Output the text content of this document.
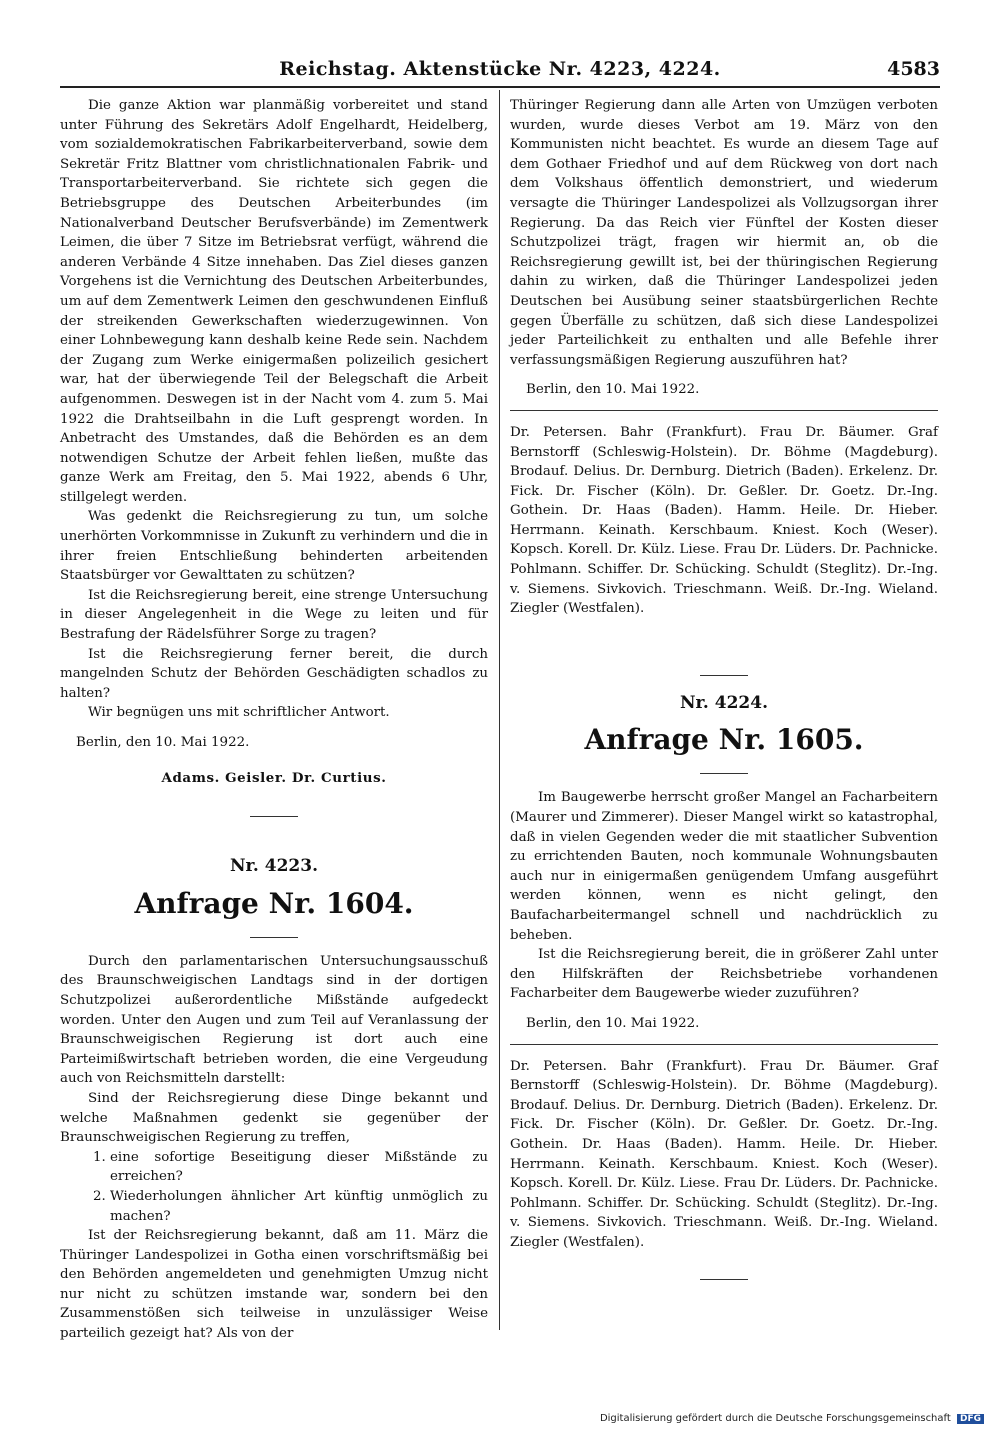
Reichstag. Aktenstücke Nr. 4223, 4224.	4583

Die ganze Aktion war planmäßig vorbereitet und stand unter Führung des Sekretärs Adolf Engelhardt, Heidelberg, vom sozialdemokratischen Fabrikarbeiterverband, sowie dem Sekretär Fritz Blattner vom christlichnationalen Fabrik- und Transportarbeiterverband. Sie richtete sich gegen die Betriebsgruppe des Deutschen Arbeiterbundes (im Nationalverband Deutscher Berufsverbände) im Zementwerk Leimen, die über 7 Sitze im Betriebsrat verfügt, während die anderen Verbände 4 Sitze innehaben. Das Ziel dieses ganzen Vorgehens ist die Vernichtung des Deutschen Arbeiterbundes, um auf dem Zementwerk Leimen den geschwundenen Einfluß der streikenden Gewerkschaften wiederzugewinnen. Von einer Lohnbewegung kann deshalb keine Rede sein. Nachdem der Zugang zum Werke einigermaßen polizeilich gesichert war, hat der überwiegende Teil der Belegschaft die Arbeit aufgenommen. Deswegen ist in der Nacht vom 4. zum 5. Mai 1922 die Drahtseilbahn in die Luft gesprengt worden. In Anbetracht des Umstandes, daß die Behörden es an dem notwendigen Schutze der Arbeit fehlen ließen, mußte das ganze Werk am Freitag, den 5. Mai 1922, abends 6 Uhr, stillgelegt werden.

Was gedenkt die Reichsregierung zu tun, um solche unerhörten Vorkommnisse in Zukunft zu verhindern und die in ihrer freien Entschließung behinderten arbeitenden Staatsbürger vor Gewalttaten zu schützen?

Ist die Reichsregierung bereit, eine strenge Untersuchung in dieser Angelegenheit in die Wege zu leiten und für Bestrafung der Rädelsführer Sorge zu tragen?

Ist die Reichsregierung ferner bereit, die durch mangelnden Schutz der Behörden Geschädigten schadlos zu halten?

Wir begnügen uns mit schriftlicher Antwort.

Berlin, den 10. Mai 1922.

Adams. Geisler. Dr. Curtius.
Nr. 4223.
Anfrage Nr. 1604.

Durch den parlamentarischen Untersuchungsausschuß des Braunschweigischen Landtags sind in der dortigen Schutzpolizei außerordentliche Mißstände aufgedeckt worden. Unter den Augen und zum Teil auf Veranlassung der Braunschweigischen Regierung ist dort auch eine Parteimißwirtschaft betrieben worden, die eine Vergeudung auch von Reichsmitteln darstellt:

Sind der Reichsregierung diese Dinge bekannt und welche Maßnahmen gedenkt sie gegenüber der Braunschweigischen Regierung zu treffen,

1. eine sofortige Beseitigung dieser Mißstände zu erreichen?
2. Wiederholungen ähnlicher Art künftig unmöglich zu machen?

Ist der Reichsregierung bekannt, daß am 11. März die Thüringer Landespolizei in Gotha einen vorschriftsmäßig bei den Behörden angemeldeten und genehmigten Umzug nicht nur nicht zu schützen imstande war, sondern bei den Zusammenstößen sich teilweise in unzulässiger Weise parteilich gezeigt hat? Als von der

Thüringer Regierung dann alle Arten von Umzügen verboten wurden, wurde dieses Verbot am 19. März von den Kommunisten nicht beachtet. Es wurde an diesem Tage auf dem Gothaer Friedhof und auf dem Rückweg von dort nach dem Volkshaus öffentlich demonstriert, und wiederum versagte die Thüringer Landespolizei als Vollzugsorgan ihrer Regierung. Da das Reich vier Fünftel der Kosten dieser Schutzpolizei trägt, fragen wir hiermit an, ob die Reichsregierung gewillt ist, bei der thüringischen Regierung dahin zu wirken, daß die Thüringer Landespolizei jeden Deutschen bei Ausübung seiner staatsbürgerlichen Rechte gegen Überfälle zu schützen, daß sich diese Landespolizei jeder Parteilichkeit zu enthalten und alle Befehle ihrer verfassungsmäßigen Regierung auszuführen hat?

Berlin, den 10. Mai 1922.

Dr. Petersen. Bahr (Frankfurt). Frau Dr. Bäumer. Graf Bernstorff (Schleswig-Holstein). Dr. Böhme (Magdeburg). Brodauf. Delius. Dr. Dernburg. Dietrich (Baden). Erkelenz. Dr. Fick. Dr. Fischer (Köln). Dr. Geßler. Dr. Goetz. Dr.-Ing. Gothein. Dr. Haas (Baden). Hamm. Heile. Dr. Hieber. Herrmann. Keinath. Kerschbaum. Kniest. Koch (Weser). Kopsch. Korell. Dr. Külz. Liese. Frau Dr. Lüders. Dr. Pachnicke. Pohlmann. Schiffer. Dr. Schücking. Schuldt (Steglitz). Dr.-Ing. v. Siemens. Sivkovich. Trieschmann. Weiß. Dr.-Ing. Wieland. Ziegler (Westfalen).
Nr. 4224.
Anfrage Nr. 1605.

Im Baugewerbe herrscht großer Mangel an Facharbeitern (Maurer und Zimmerer). Dieser Mangel wirkt so katastrophal, daß in vielen Gegenden weder die mit staatlicher Subvention zu errichtenden Bauten, noch kommunale Wohnungsbauten auch nur in einigermaßen genügendem Umfang ausgeführt werden können, wenn es nicht gelingt, den Baufacharbeitermangel schnell und nachdrücklich zu beheben.

Ist die Reichsregierung bereit, die in größerer Zahl unter den Hilfskräften der Reichsbetriebe vorhandenen Facharbeiter dem Baugewerbe wieder zuzuführen?

Berlin, den 10. Mai 1922.

Dr. Petersen. Bahr (Frankfurt). Frau Dr. Bäumer. Graf Bernstorff (Schleswig-Holstein). Dr. Böhme (Magdeburg). Brodauf. Delius. Dr. Dernburg. Dietrich (Baden). Erkelenz. Dr. Fick. Dr. Fischer (Köln). Dr. Geßler. Dr. Goetz. Dr.-Ing. Gothein. Dr. Haas (Baden). Hamm. Heile. Dr. Hieber. Herrmann. Keinath. Kerschbaum. Kniest. Koch (Weser). Kopsch. Korell. Dr. Külz. Liese. Frau Dr. Lüders. Dr. Pachnicke. Pohlmann. Schiffer. Dr. Schücking. Schuldt (Steglitz). Dr.-Ing. v. Siemens. Sivkovich. Trieschmann. Weiß. Dr.-Ing. Wieland. Ziegler (Westfalen).
Digitalisierung gefördert durch die Deutsche Forschungsgemeinschaft DFG
